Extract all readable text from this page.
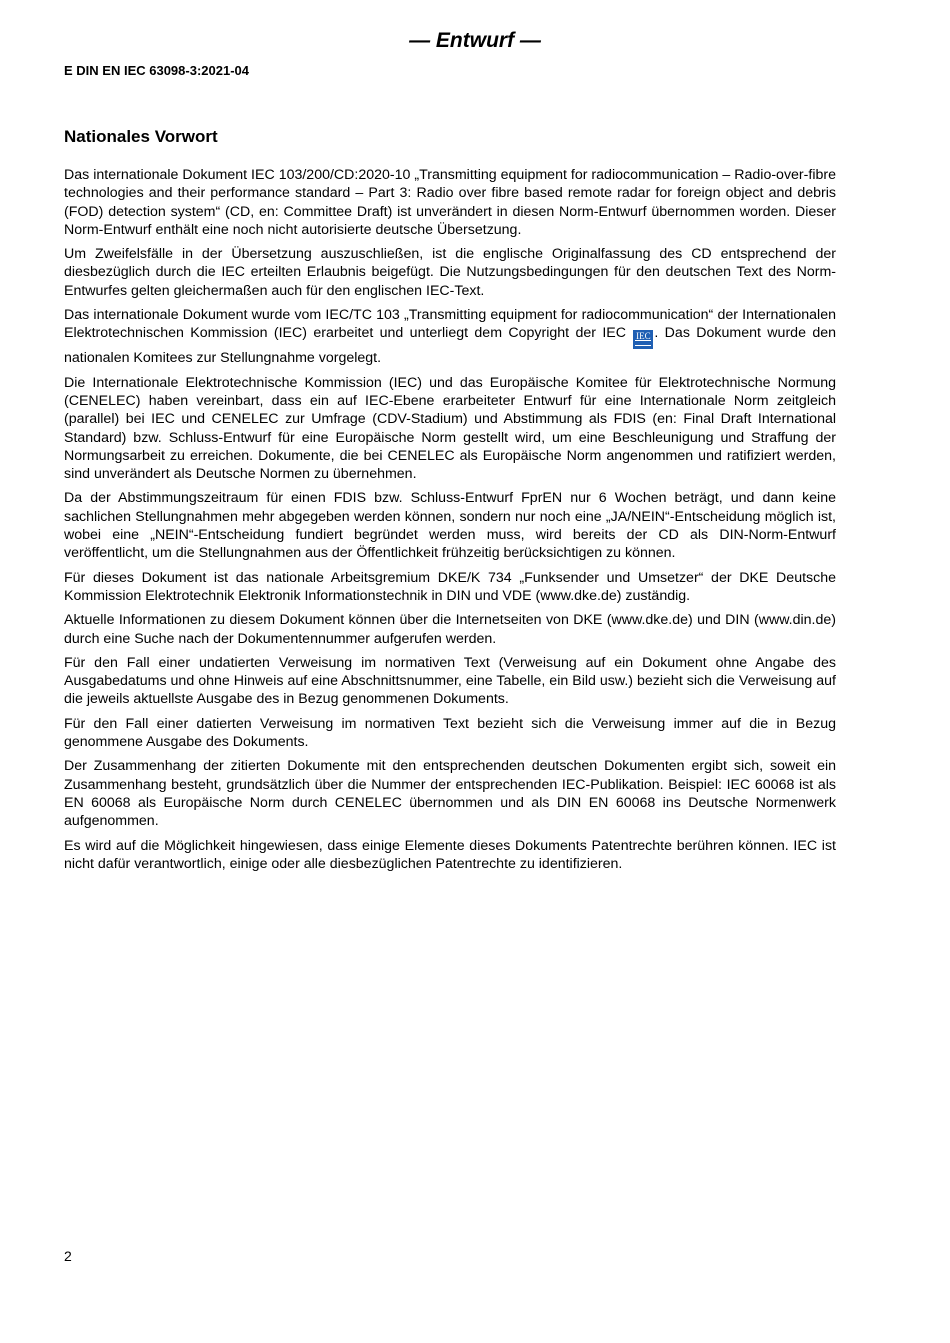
— Entwurf —
E DIN EN IEC 63098-3:2021-04
Nationales Vorwort

Das internationale Dokument IEC 103/200/CD:2020-10 „Transmitting equipment for radiocommunication – Radio-over-fibre technologies and their performance standard – Part 3: Radio over fibre based remote radar for foreign object and debris (FOD) detection system“ (CD, en: Committee Draft) ist unverändert in diesen Norm-Entwurf übernommen worden. Dieser Norm-Entwurf enthält eine noch nicht autorisierte deutsche Übersetzung.

Um Zweifelsfälle in der Übersetzung auszuschließen, ist die englische Originalfassung des CD entsprechend der diesbezüglich durch die IEC erteilten Erlaubnis beigefügt. Die Nutzungsbedingungen für den deutschen Text des Norm-Entwurfes gelten gleichermaßen auch für den englischen IEC-Text.

Das internationale Dokument wurde vom IEC/TC 103 „Transmitting equipment for radiocommunication“ der Internationalen Elektrotechnischen Kommission (IEC) erarbeitet und unterliegt dem Copyright der IEC IEC . Das Dokument wurde den nationalen Komitees zur Stellungnahme vorgelegt.

Die Internationale Elektrotechnische Kommission (IEC) und das Europäische Komitee für Elektrotechnische Normung (CENELEC) haben vereinbart, dass ein auf IEC-Ebene erarbeiteter Entwurf für eine Internationale Norm zeitgleich (parallel) bei IEC und CENELEC zur Umfrage (CDV-Stadium) und Abstimmung als FDIS (en: Final Draft International Standard) bzw. Schluss-Entwurf für eine Europäische Norm gestellt wird, um eine Beschleunigung und Straffung der Normungsarbeit zu erreichen. Dokumente, die bei CENELEC als Europäische Norm angenommen und ratifiziert werden, sind unverändert als Deutsche Normen zu übernehmen.

Da der Abstimmungszeitraum für einen FDIS bzw. Schluss-Entwurf FprEN nur 6 Wochen beträgt, und dann keine sachlichen Stellungnahmen mehr abgegeben werden können, sondern nur noch eine „JA/NEIN“-Entscheidung möglich ist, wobei eine „NEIN“-Entscheidung fundiert begründet werden muss, wird bereits der CD als DIN-Norm-Entwurf veröffentlicht, um die Stellungnahmen aus der Öffentlichkeit frühzeitig berücksichtigen zu können.

Für dieses Dokument ist das nationale Arbeitsgremium DKE/K 734 „Funksender und Umsetzer“ der DKE Deutsche Kommission Elektrotechnik Elektronik Informationstechnik in DIN und VDE (www.dke.de) zuständig.

Aktuelle Informationen zu diesem Dokument können über die Internetseiten von DKE (www.dke.de) und DIN (www.din.de) durch eine Suche nach der Dokumentennummer aufgerufen werden.

Für den Fall einer undatierten Verweisung im normativen Text (Verweisung auf ein Dokument ohne Angabe des Ausgabedatums und ohne Hinweis auf eine Abschnittsnummer, eine Tabelle, ein Bild usw.) bezieht sich die Verweisung auf die jeweils aktuellste Ausgabe des in Bezug genommenen Dokuments.

Für den Fall einer datierten Verweisung im normativen Text bezieht sich die Verweisung immer auf die in Bezug genommene Ausgabe des Dokuments.

Der Zusammenhang der zitierten Dokumente mit den entsprechenden deutschen Dokumenten ergibt sich, soweit ein Zusammenhang besteht, grundsätzlich über die Nummer der entsprechenden IEC-Publikation. Beispiel: IEC 60068 ist als EN 60068 als Europäische Norm durch CENELEC übernommen und als DIN EN 60068 ins Deutsche Normenwerk aufgenommen.

Es wird auf die Möglichkeit hingewiesen, dass einige Elemente dieses Dokuments Patentrechte berühren können. IEC ist nicht dafür verantwortlich, einige oder alle diesbezüglichen Patentrechte zu identifizieren.

2
